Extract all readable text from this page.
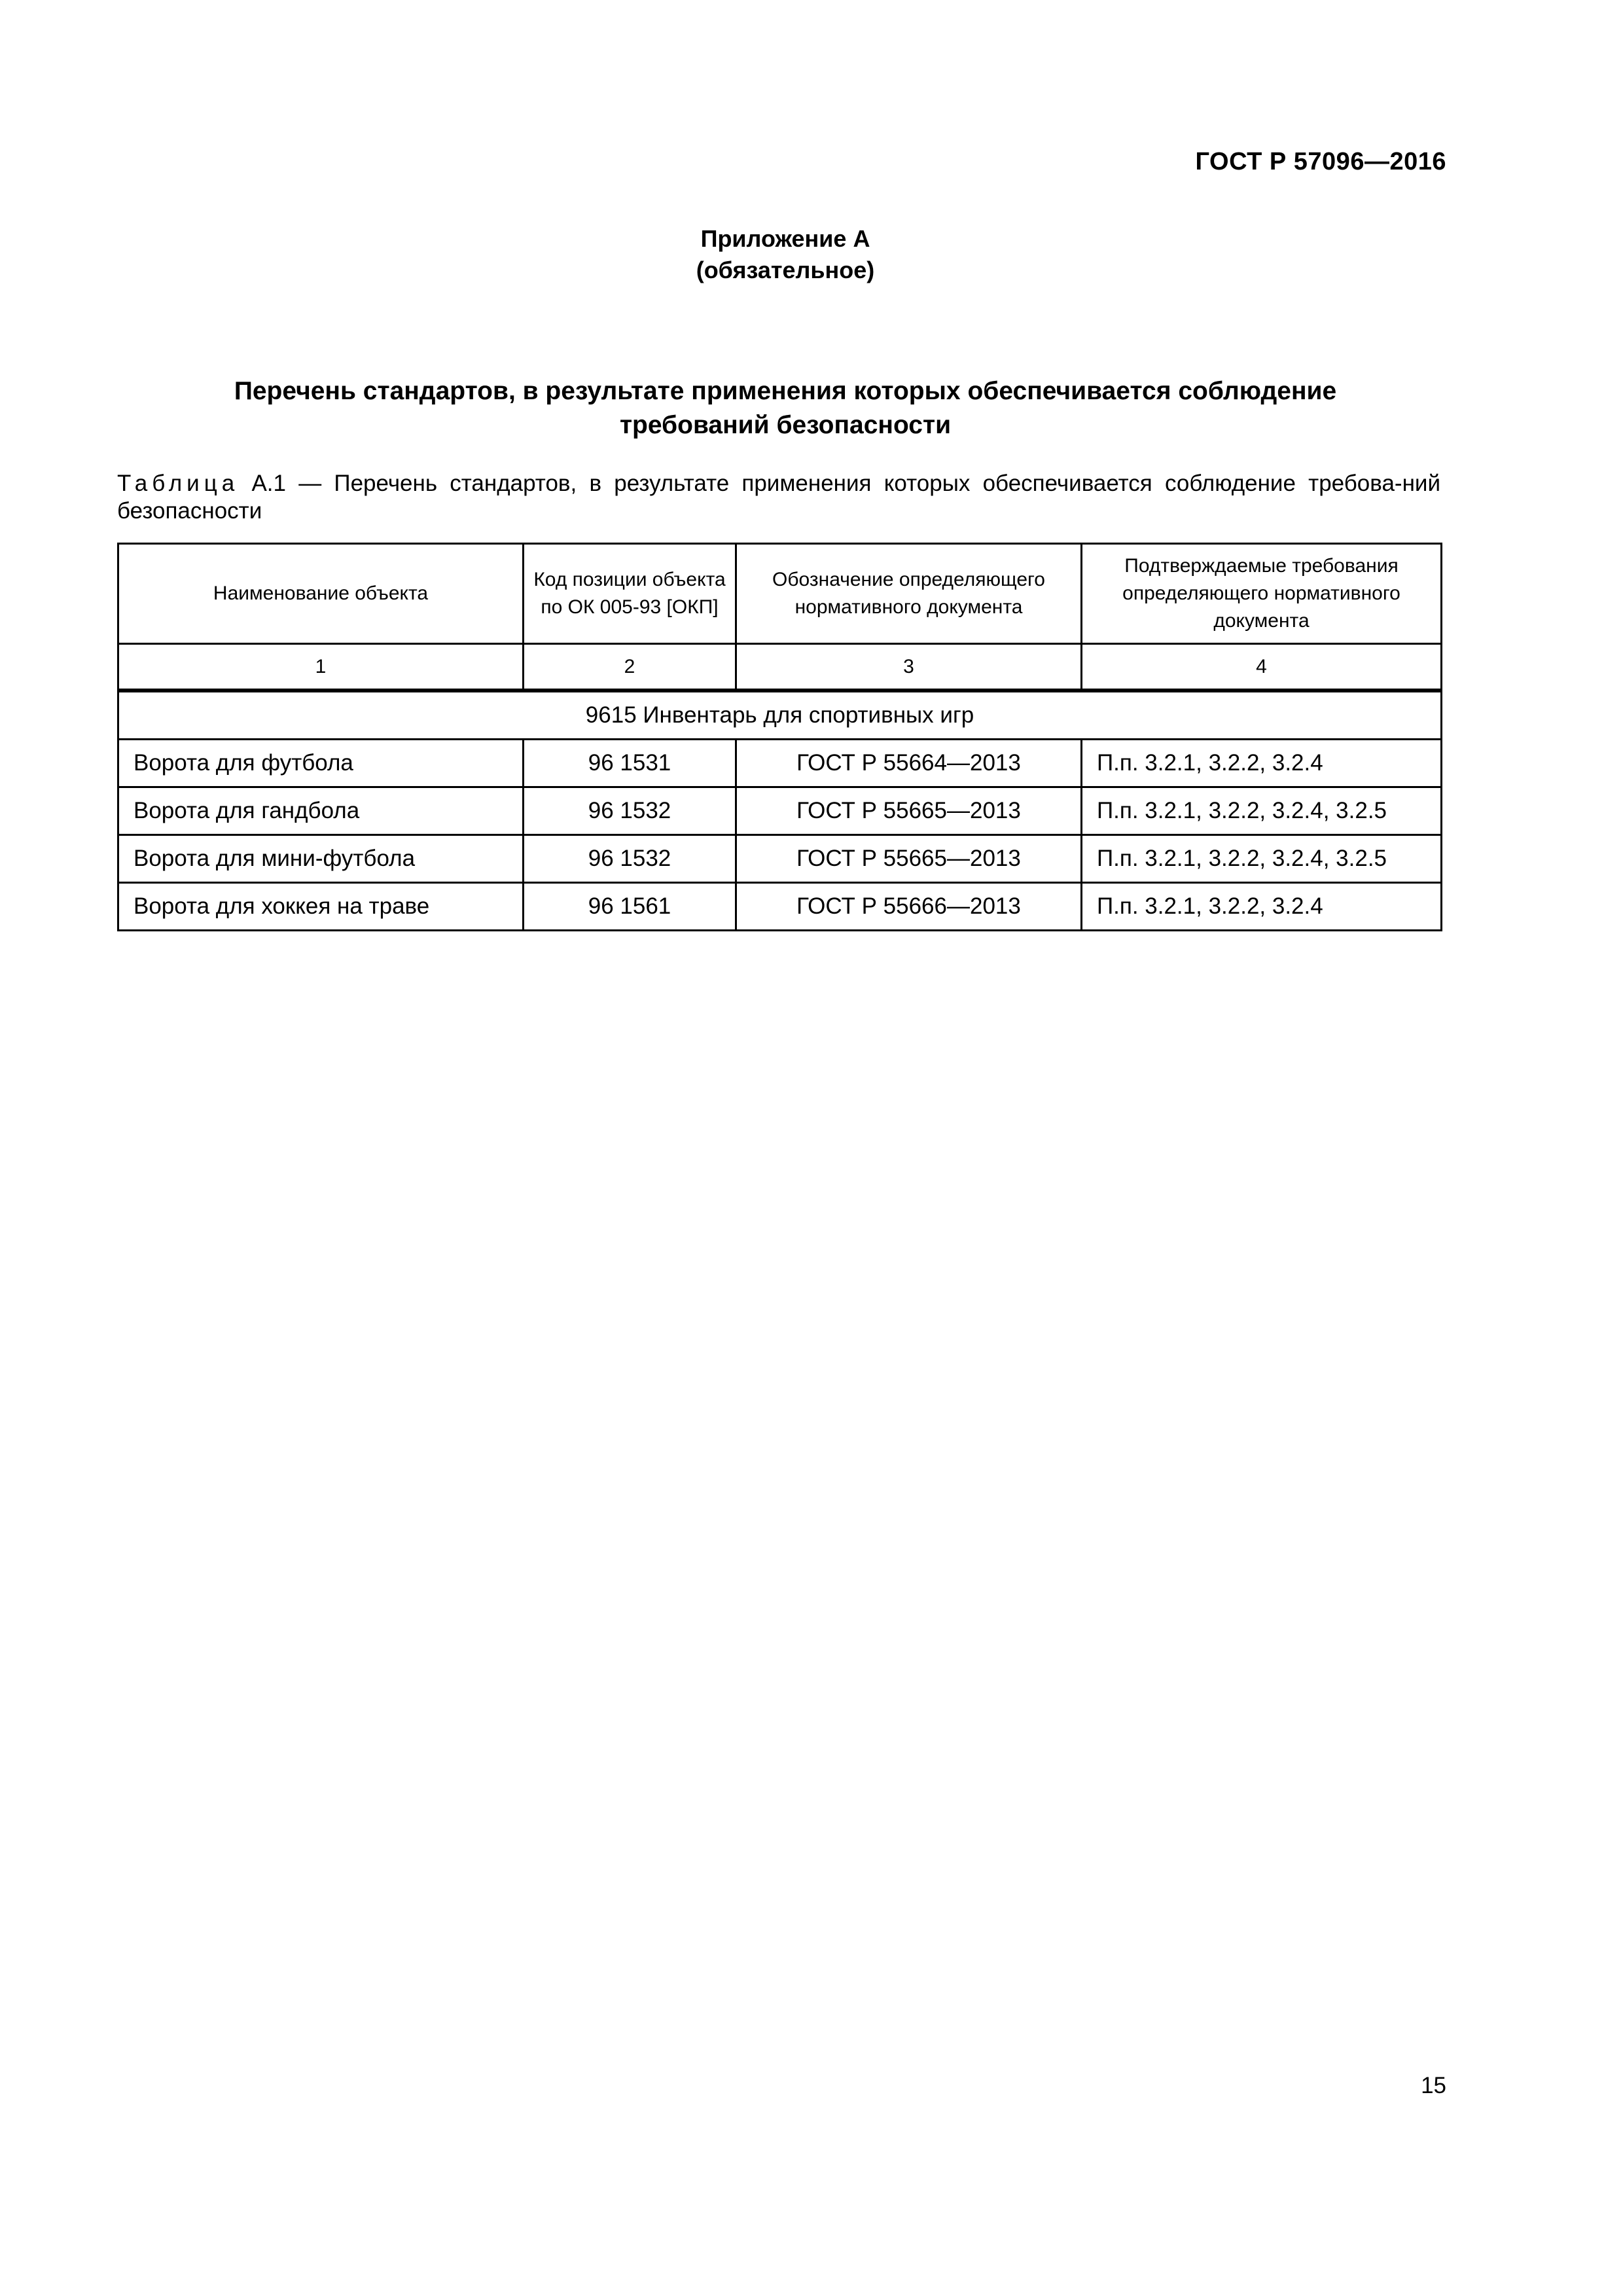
ГОСТ Р 57096—2016
Приложение А
(обязательное)
Перечень стандартов, в результате применения которых обеспечивается соблюдение
требований безопасности
Таблица А.1 — Перечень стандартов, в результате применения которых обеспечивается соблюдение требова-ний безопасности
Наименование объекта	Код позиции объекта по ОК 005-93 [ОКП]	Обозначение определяющего нормативного документа	Подтверждаемые требования определяющего нормативного документа
1	2	3	4
9615 Инвентарь для спортивных игр			
Ворота для футбола	96 1531	ГОСТ Р 55664—2013	П.п. 3.2.1, 3.2.2, 3.2.4
Ворота для гандбола	96 1532	ГОСТ Р 55665—2013	П.п. 3.2.1, 3.2.2, 3.2.4, 3.2.5
Ворота для мини-футбола	96 1532	ГОСТ Р 55665—2013	П.п. 3.2.1, 3.2.2, 3.2.4, 3.2.5
Ворота для хоккея на траве	96 1561	ГОСТ Р 55666—2013	П.п. 3.2.1, 3.2.2, 3.2.4
15
